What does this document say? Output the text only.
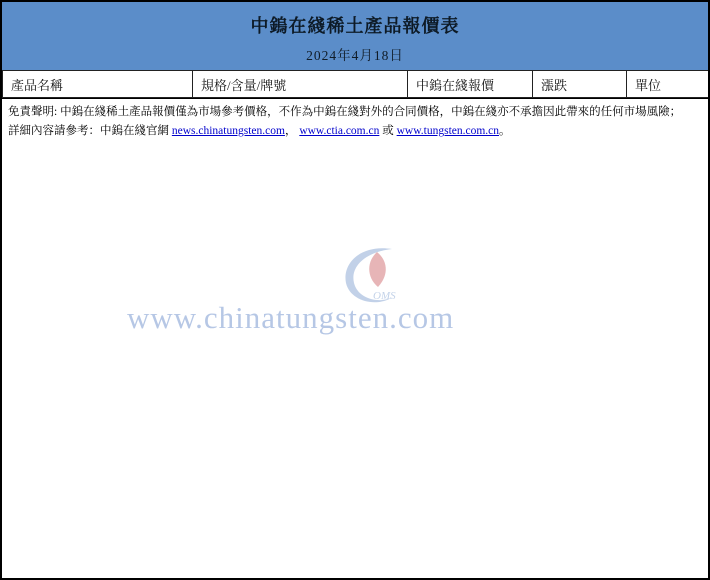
中鎢在綫稀土產品報價表
2024年4月18日
產品名稱	規格/含量/牌號	中鎢在綫報價	漲跌	單位
免責聲明: 中鎢在綫稀土產品報價僅為市場參考價格，不作為中鎢在綫對外的合同價格，中鎢在綫亦不承擔因此帶來的任何市場風險；
詳細內容請參考：中鎢在綫官網 news.chinatungsten.com， www.ctia.com.cn 或 www.tungsten.com.cn。
www.chinatungsten.com
OMS
